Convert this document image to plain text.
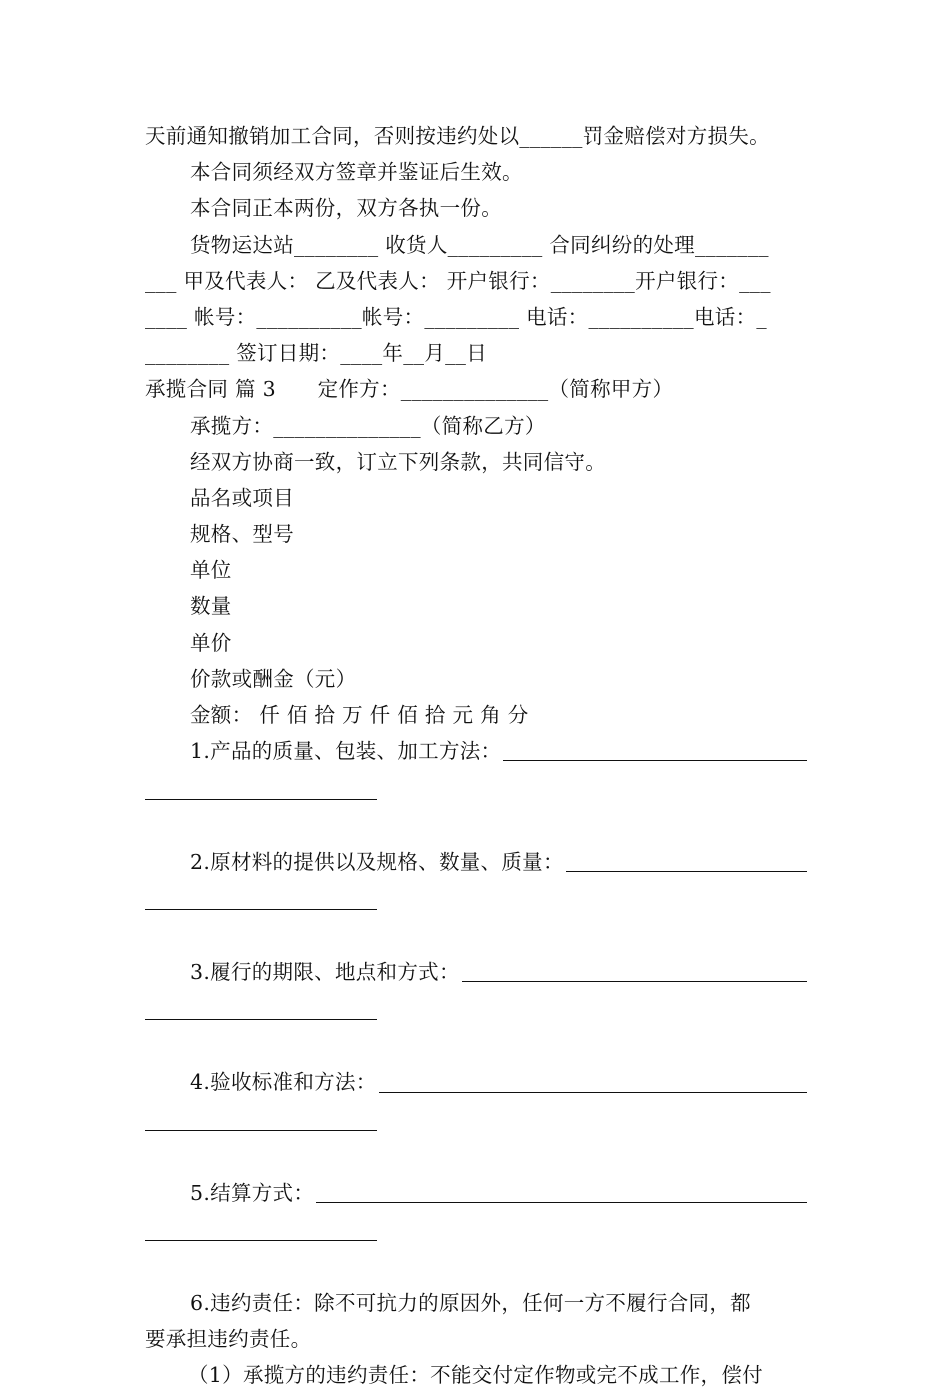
天前通知撤销加工合同，否则按违约处以______罚金赔偿对方损失。
本合同须经双方签章并鉴证后生效。
本合同正本两份，双方各执一份。
货物运达站________ 收货人_________ 合同纠纷的处理_______
___ 甲及代表人： 乙及代表人： 开户银行：________开户银行：___
____ 帐号：__________帐号：_________ 电话：__________电话：_
________ 签订日期：____年__月__日
承揽合同 篇 3　　定作方：______________（简称甲方）
承揽方：______________（简称乙方）
经双方协商一致，订立下列条款，共同信守。
品名或项目
规格、型号
单位
数量
单价
价款或酬金（元）
金额： 仟 佰 拾 万 仟 佰 拾 元 角 分
1.产品的质量、包装、加工方法：
2.原材料的提供以及规格、数量、质量：
3.履行的期限、地点和方式：
4.验收标准和方法：
5.结算方式：
6.违约责任：除不可抗力的原因外，任何一方不履行合同，都
要承担违约责任。
（1）承揽方的违约责任：不能交付定作物或完不成工作，偿付
